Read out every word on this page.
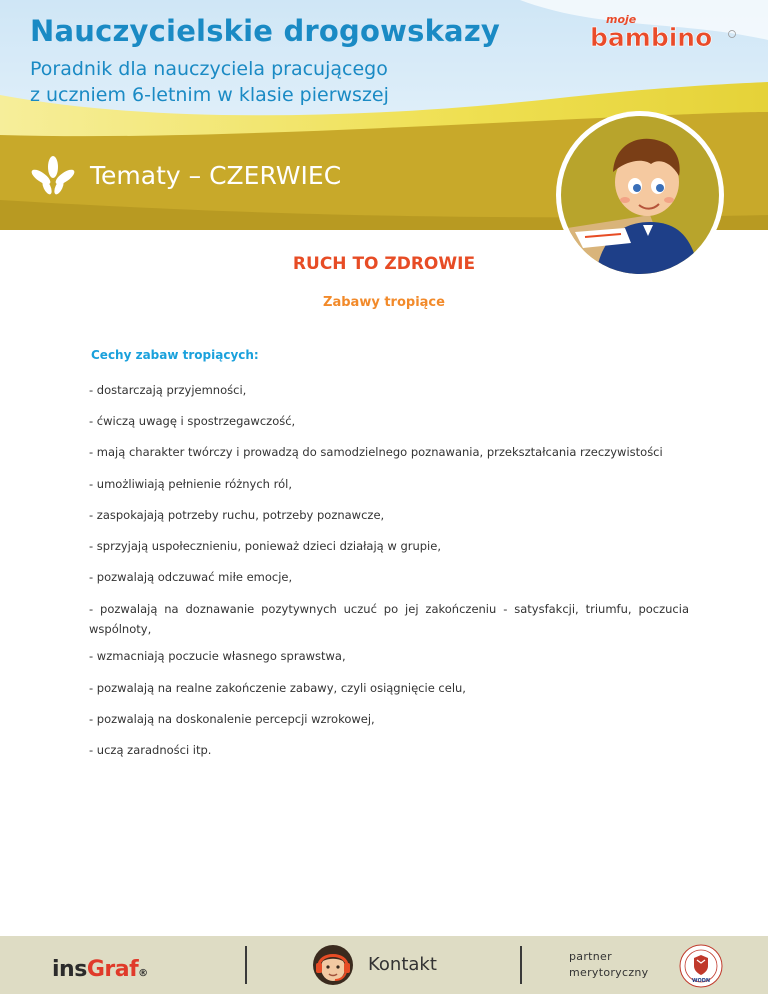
Nauczycielskie drogowskazy
Poradnik dla nauczyciela pracującego
z uczniem 6-letnim w klasie pierwszej
moje
bambino
Tematy – CZERWIEC
RUCH TO ZDROWIE
Zabawy tropiące
Cechy zabaw tropiących:
- dostarczają przyjemności,
- ćwiczą uwagę i spostrzegawczość,
- mają charakter twórczy i prowadzą do samodzielnego poznawania, przekształcania rzeczywistości
- umożliwiają pełnienie różnych ról,
- zaspokajają potrzeby ruchu, potrzeby poznawcze,
- sprzyjają uspołecznieniu, ponieważ dzieci działają w grupie,
- pozwalają odczuwać miłe emocje,
- pozwalają na doznawanie pozytywnych uczuć po jej zakończeniu - satysfakcji, triumfu, poczucia wspólnoty,
- wzmacniają poczucie własnego sprawstwa,
- pozwalają na realne zakończenie zabawy, czyli osiągnięcie celu,
- pozwalają na doskonalenie percepcji wzrokowej,
- uczą zaradności itp.
insGraf®	Kontakt	partner
merytoryczny
WODN
